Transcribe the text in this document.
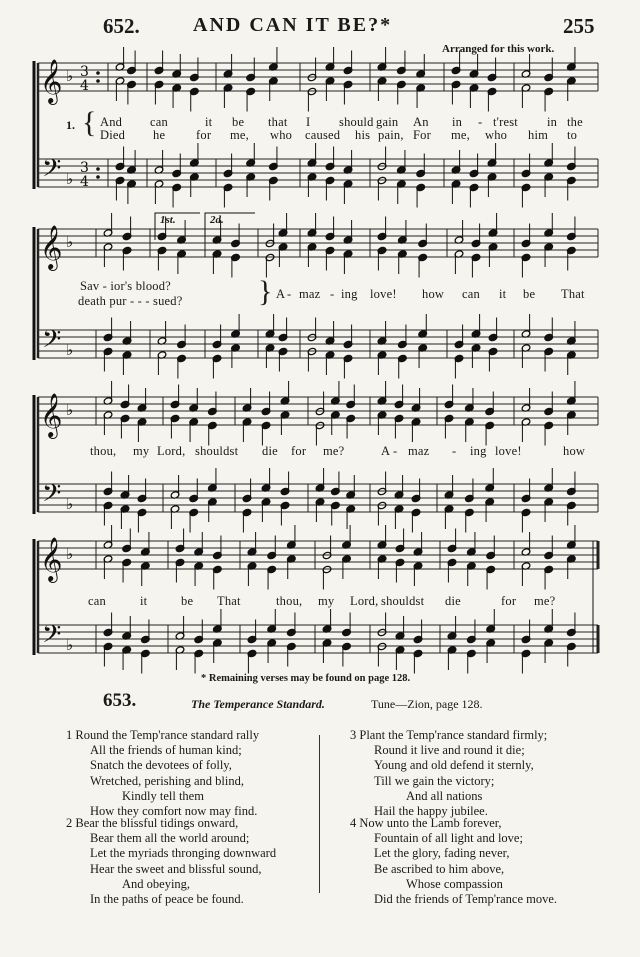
652.	AND CAN IT BE?*	255
Arranged for this work.
𝄞
𝄢
♭
♭
𝄞
𝄢
♭
♭
𝄞
𝄢
♭
♭
𝄞
𝄢
♭
♭
3
4
3
4
1. { And can	it be that I should gain An in - t'rest in the
Died he for me, who caused his pain, For me, who him to
1st.	2d.
Sav - ior's blood?
death pur - - - sued?	} A - maz - ing love! how can it be That
thou, my Lord, shouldst die for me?	A - maz - ing love!	how
can	it	be That	thou, my Lord, shouldst die	for me?
* Remaining verses may be found on page 128.
653.	The Temperance Standard.	Tune—Zion, page 128.
1 Round the Temp'rance standard rally
All the friends of human kind;
Snatch the devotees of folly,
Wretched, perishing and blind,
Kindly tell them
How they comfort now may find.
2 Bear the blissful tidings onward,
Bear them all the world around;
Let the myriads thronging downward
Hear the sweet and blissful sound,
And obeying,
In the paths of peace be found.
3 Plant the Temp'rance standard firmly;
Round it live and round it die;
Young and old defend it sternly,
Till we gain the victory;
And all nations
Hail the happy jubilee.
4 Now unto the Lamb forever,
Fountain of all light and love;
Let the glory, fading never,
Be ascribed to him above,
Whose compassion
Did the friends of Temp'rance move.
